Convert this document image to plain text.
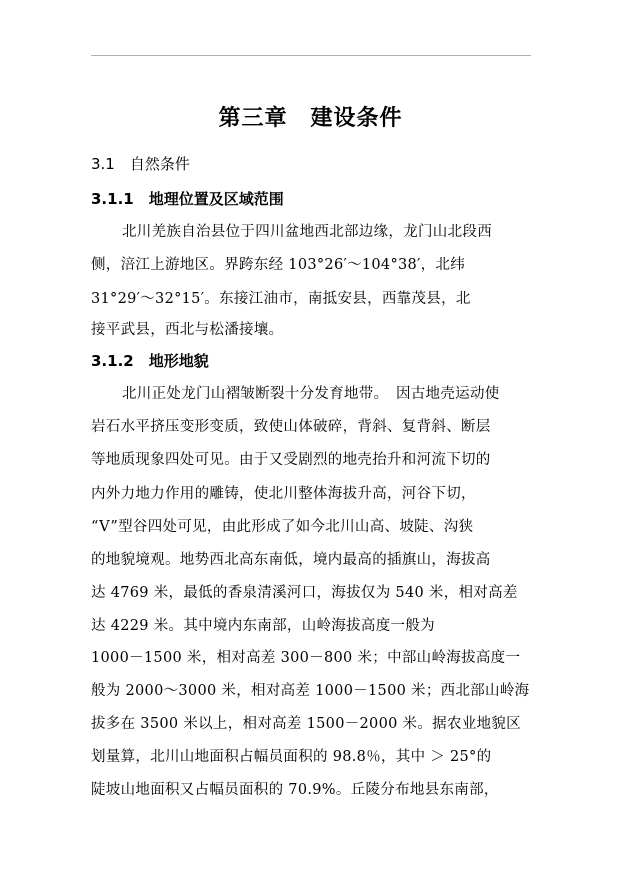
第三章　建设条件
3.1　自然条件
3.1.1　地理位置及区域范围
北川羌族自治县位于四川盆地西北部边缘，龙门山北段西
侧，涪江上游地区。界跨东经 103°26′～104°38′，北纬
31°29′～32°15′。东接江油市，南抵安县，西靠茂县，北
接平武县，西北与松潘接壤。
3.1.2　地形地貌
北川正处龙门山褶皱断裂十分发育地带。　因古地壳运动使
岩石水平挤压变形变质，致使山体破碎，背斜、复背斜、断层
等地质现象四处可见。由于又受剧烈的地壳抬升和河流下切的
内外力地力作用的雕铸，使北川整体海拔升高，河谷下切，
“V”型谷四处可见，由此形成了如今北川山高、坡陡、沟狭
的地貌境观。地势西北高东南低，境内最高的插旗山，海拔高
达 4769 米，最低的香泉清溪河口，海拔仅为 540 米，相对高差
达 4229 米。其中境内东南部，山岭海拔高度一般为
1000－1500 米，相对高差 300－800 米；中部山岭海拔高度一
般为 2000～3000 米，相对高差 1000－1500 米；西北部山岭海
拔多在 3500 米以上，相对高差 1500－2000 米。据农业地貌区
划量算，北川山地面积占幅员面积的 98.8％，其中 ＞ 25°的
陡坡山地面积又占幅员面积的 70.9%。丘陵分布地县东南部，
